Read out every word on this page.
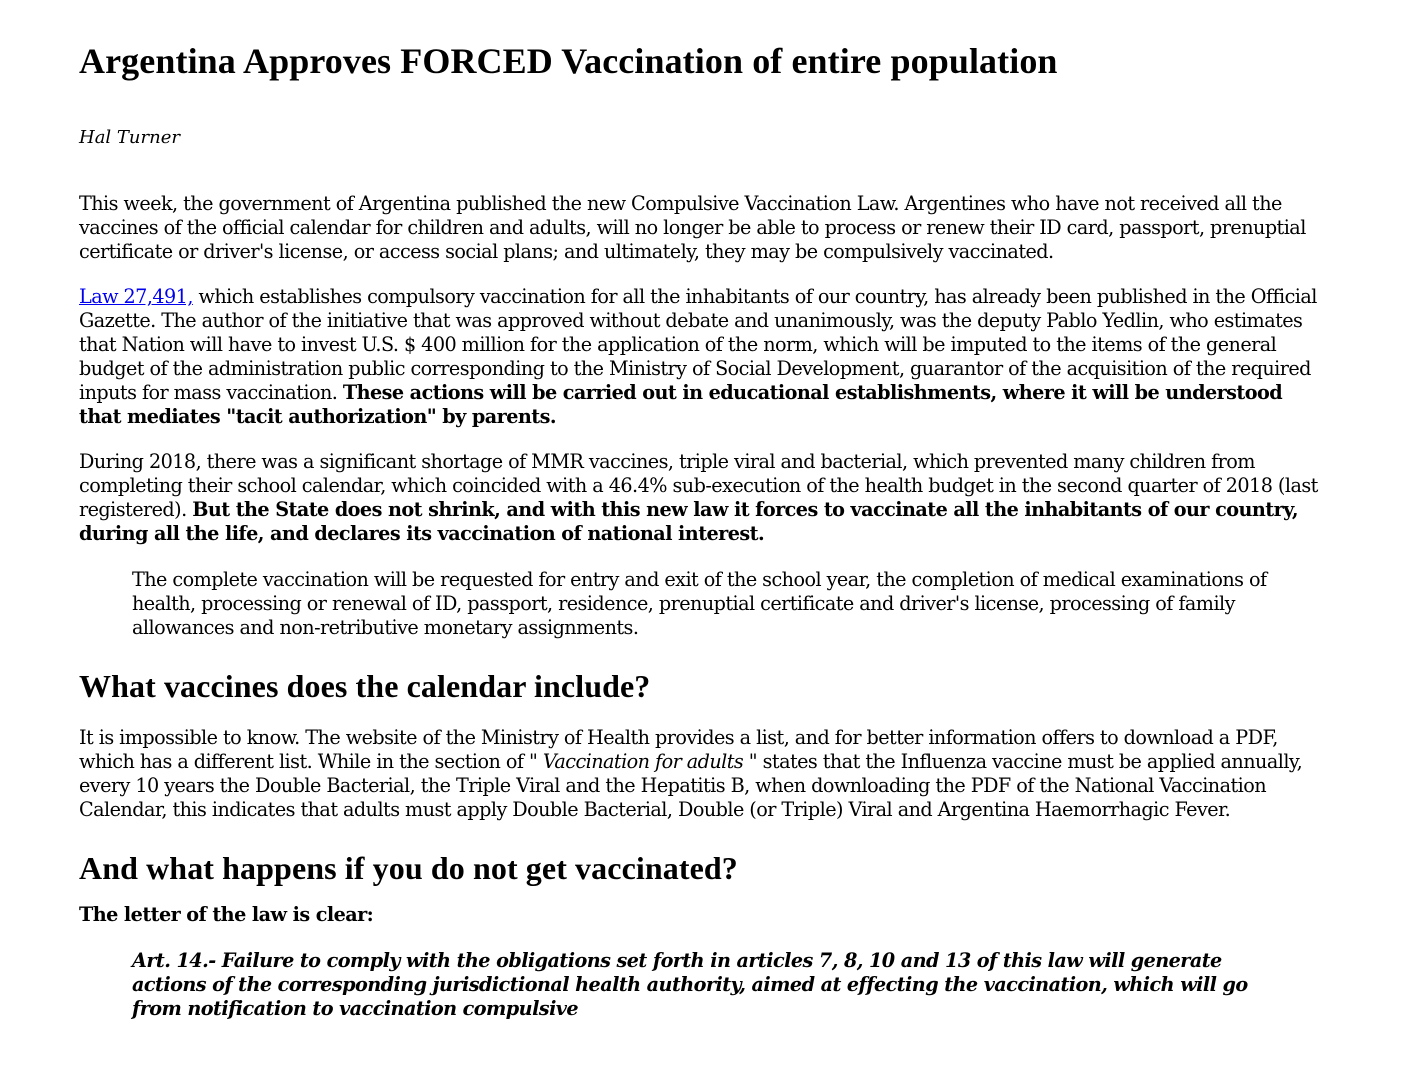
Argentina Approves FORCED Vaccination of entire population
Hal Turner

This week, the government of Argentina published the new Compulsive Vaccination Law. Argentines who have not received all the vaccines of the official calendar for children and adults, will no longer be able to process or renew their ID card, passport, prenuptial certificate or driver's license, or access social plans; and ultimately, they may be compulsively vaccinated.

Law 27,491, which establishes compulsory vaccination for all the inhabitants of our country, has already been published in the Official Gazette. The author of the initiative that was approved without debate and unanimously, was the deputy Pablo Yedlin, who estimates that Nation will have to invest U.S. $ 400 million for the application of the norm, which will be imputed to the items of the general budget of the administration public corresponding to the Ministry of Social Development, guarantor of the acquisition of the required inputs for mass vaccination. These actions will be carried out in educational establishments, where it will be understood that mediates "tacit authorization" by parents.

During 2018, there was a significant shortage of MMR vaccines, triple viral and bacterial, which prevented many children from completing their school calendar, which coincided with a 46.4% sub-execution of the health budget in the second quarter of 2018 (last registered). But the State does not shrink, and with this new law it forces to vaccinate all the inhabitants of our country, during all the life, and declares its vaccination of national interest.

The complete vaccination will be requested for entry and exit of the school year, the completion of medical examinations of health, processing or renewal of ID, passport, residence, prenuptial certificate and driver's license, processing of family allowances and non-retributive monetary assignments.

What vaccines does the calendar include?

It is impossible to know. The website of the Ministry of Health provides a list, and for better information offers to download a PDF, which has a different list. While in the section of " Vaccination for adults " states that the Influenza vaccine must be applied annually, every 10 years the Double Bacterial, the Triple Viral and the Hepatitis B, when downloading the PDF of the National Vaccination Calendar, this indicates that adults must apply Double Bacterial, Double (or Triple) Viral and Argentina Haemorrhagic Fever.

And what happens if you do not get vaccinated?

The letter of the law is clear:

Art. 14.- Failure to comply with the obligations set forth in articles 7, 8, 10 and 13 of this law will generate actions of the corresponding jurisdictional health authority, aimed at effecting the vaccination, which will go from notification to vaccination compulsive
